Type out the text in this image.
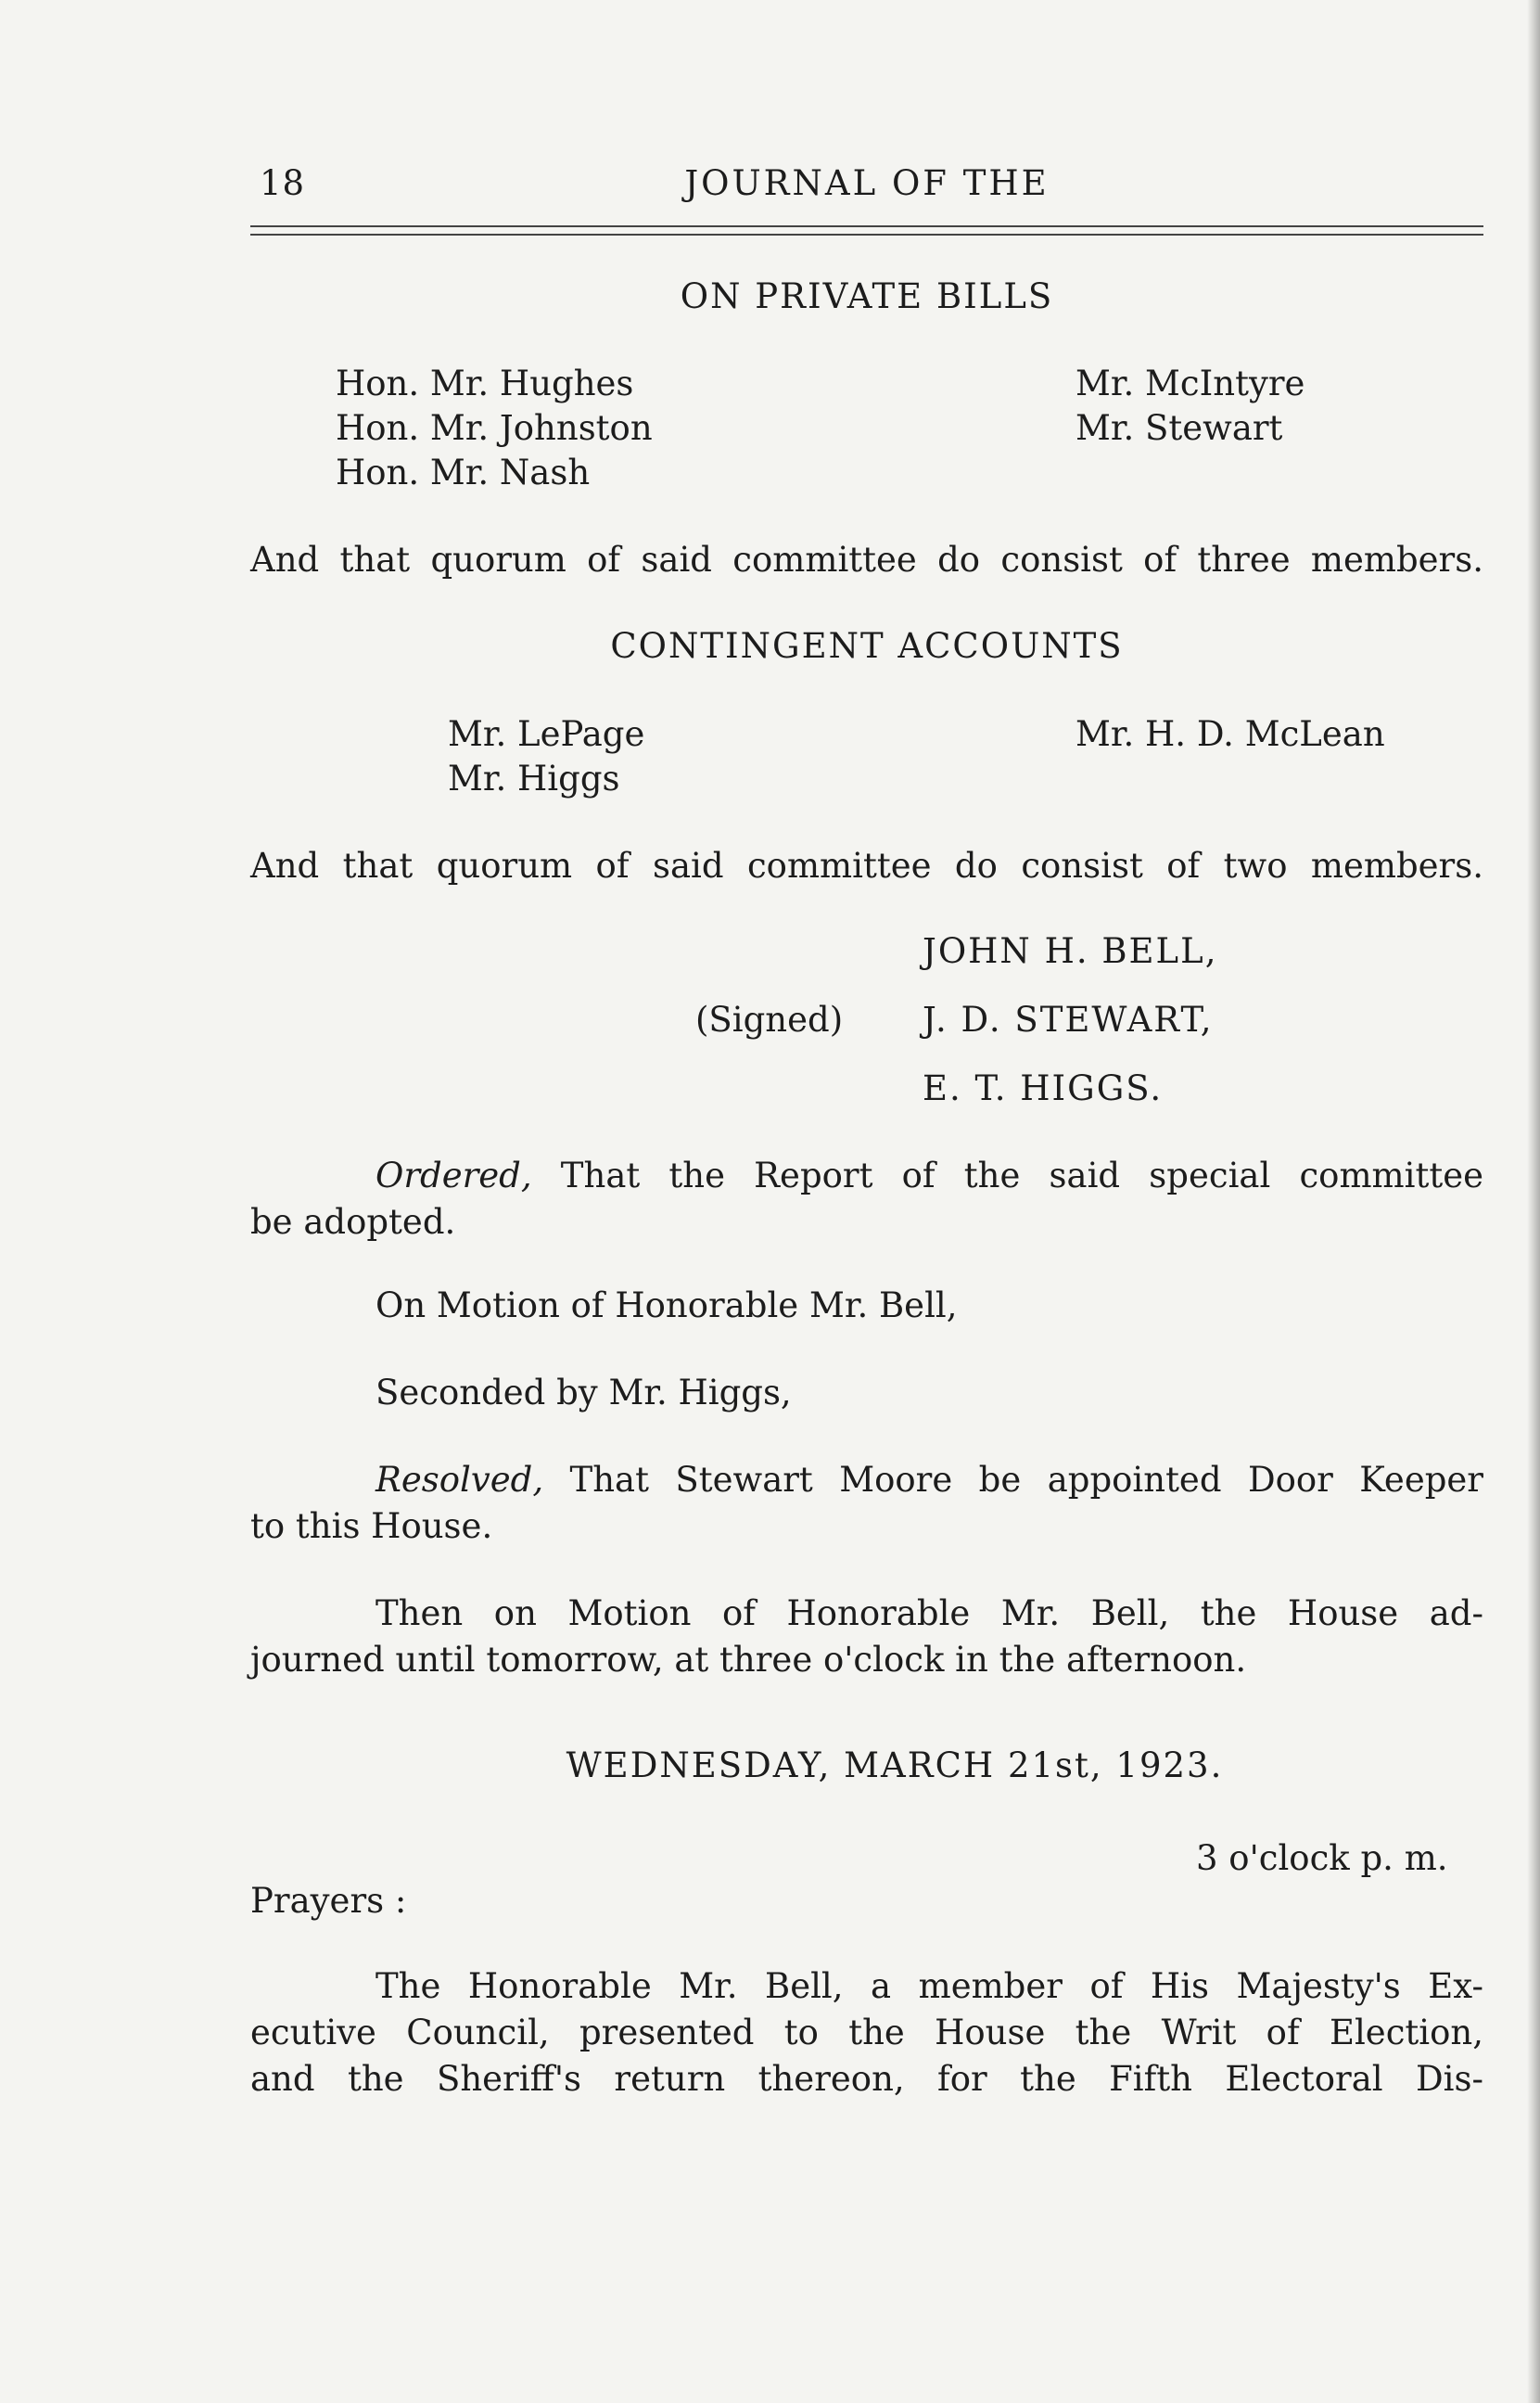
18	JOURNAL OF THE
ON PRIVATE BILLS
Hon. Mr. Hughes
Hon. Mr. Johnston
Hon. Mr. Nash
Mr. McIntyre
Mr. Stewart
And that quorum of said committee do consist of three members.
CONTINGENT ACCOUNTS
Mr. LePage
Mr. Higgs
Mr. H. D. McLean
And that quorum of said committee do consist of two members.
JOHN H. BELL,
(Signed) J. D. STEWART,
E. T. HIGGS.
Ordered, That the Report of the said special committee
be adopted.
On Motion of Honorable Mr. Bell,
Seconded by Mr. Higgs,
Resolved, That Stewart Moore be appointed Door Keeper
to this House.
Then on Motion of Honorable Mr. Bell, the House ad-
journed until tomorrow, at three o'clock in the afternoon.
WEDNESDAY, MARCH 21st, 1923.
3 o'clock p. m.
Prayers :
The Honorable Mr. Bell, a member of His Majesty's Ex-
ecutive Council, presented to the House the Writ of Election,
and the Sheriff's return thereon, for the Fifth Electoral Dis-
